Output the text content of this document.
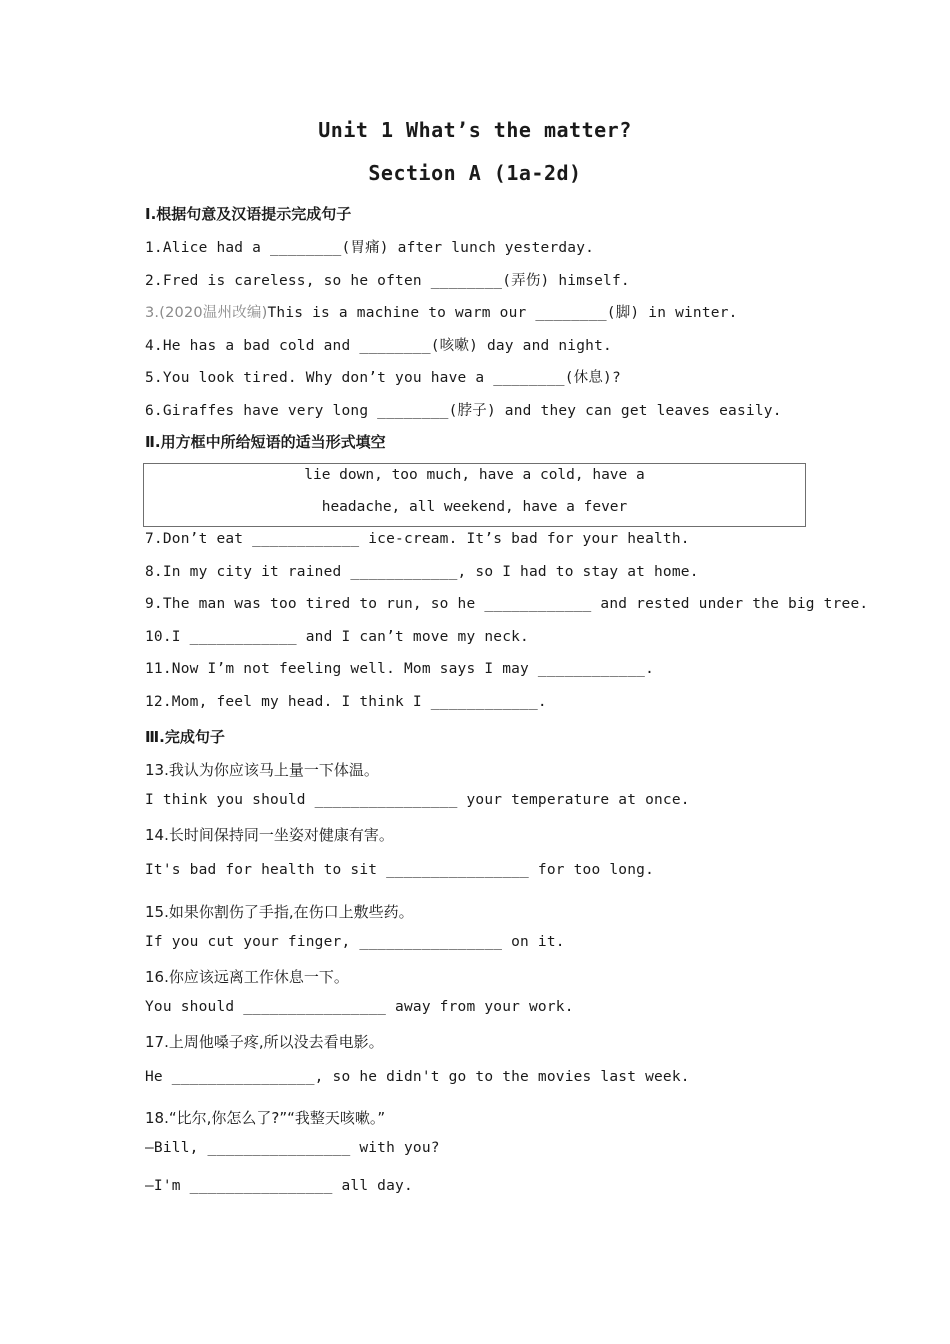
Unit 1 What’s the matter?
Section A (1a-2d)
Ⅰ.根据句意及汉语提示完成句子
1.Alice had a ________(胃痛) after lunch yesterday.
2.Fred is careless, so he often ________(弄伤) himself.
3.(2020温州改编)This is a machine to warm our ________(脚) in winter.
4.He has a bad cold and ________(咳嗽) day and night.
5.You look tired. Why don’t you have a ________(休息)?
6.Giraffes have very long ________(脖子) and they can get leaves easily.
Ⅱ.用方框中所给短语的适当形式填空
lie down, too much, have a cold, have a
headache, all weekend, have a fever
7.Don’t eat ____________ ice-cream. It’s bad for your health.
8.In my city it rained ____________, so I had to stay at home.
9.The man was too tired to run, so he ____________ and rested under the big tree.
10.I ____________ and I can’t move my neck.
11.Now I’m not feeling well. Mom says I may ____________.
12.Mom, feel my head. I think I ____________.
Ⅲ.完成句子
13.我认为你应该马上量一下体温。
I think you should ________________ your temperature at once.
14.长时间保持同一坐姿对健康有害。
It's bad for health to sit ________________ for too long.
15.如果你割伤了手指,在伤口上敷些药。
If you cut your finger, ________________ on it.
16.你应该远离工作休息一下。
You should ________________ away from your work.
17.上周他嗓子疼,所以没去看电影。
He ________________, so he didn't go to the movies last week.
18.“比尔,你怎么了?”“我整天咳嗽。”
—Bill, ________________ with you?
—I'm ________________ all day.
